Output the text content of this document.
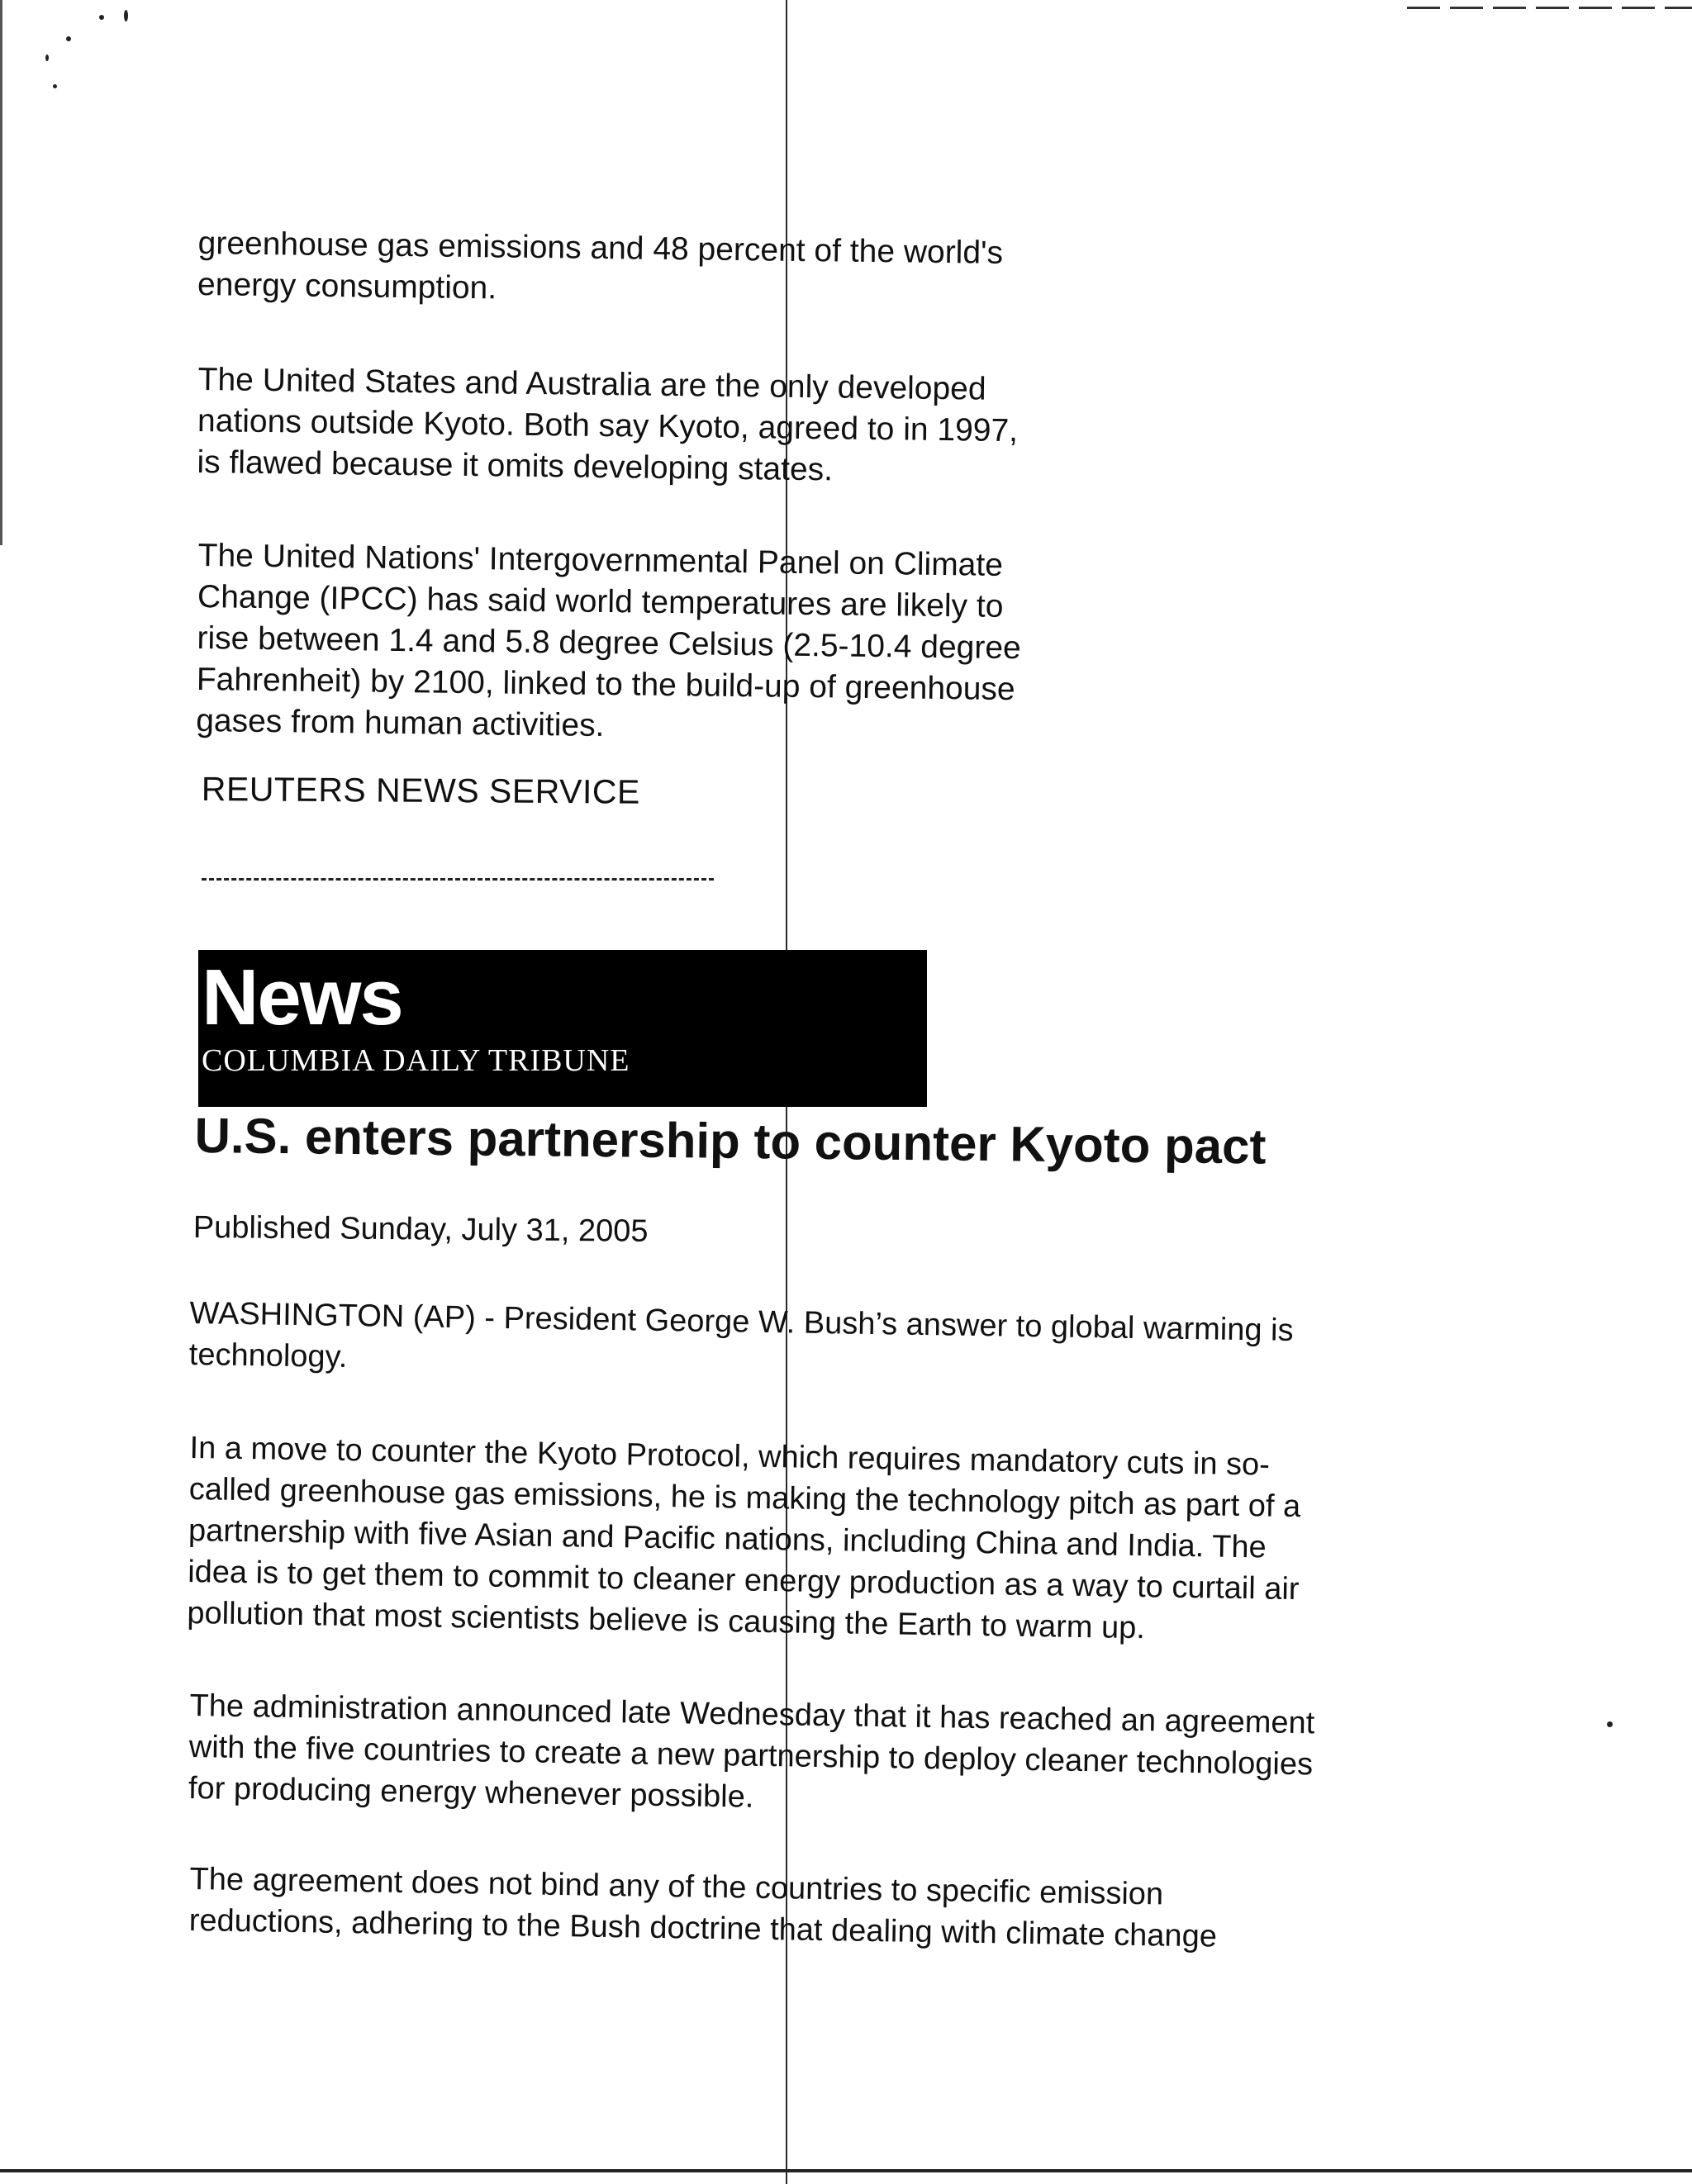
greenhouse gas emissions and 48 percent of the world's
energy consumption.

The United States and Australia are the only developed
nations outside Kyoto. Both say Kyoto, agreed to in 1997,
is flawed because it omits developing states.

The United Nations' Intergovernmental Panel on Climate
Change (IPCC) has said world temperatures are likely to
rise between 1.4 and 5.8 degree Celsius (2.5-10.4 degree
Fahrenheit) by 2100, linked to the build-up of greenhouse
gases from human activities.

REUTERS NEWS SERVICE
News
COLUMBIA DAILY TRIBUNE
U.S. enters partnership to counter Kyoto pact
Published Sunday, July 31, 2005

WASHINGTON (AP) - President George W. Bush’s answer to global warming is
technology.

In a move to counter the Kyoto Protocol, which requires mandatory cuts in so-
called greenhouse gas emissions, he is making the technology pitch as part of a
partnership with five Asian and Pacific nations, including China and India. The
idea is to get them to commit to cleaner energy production as a way to curtail air
pollution that most scientists believe is causing the Earth to warm up.

The administration announced late Wednesday that it has reached an agreement
with the five countries to create a new partnership to deploy cleaner technologies
for producing energy whenever possible.

The agreement does not bind any of the countries to specific emission
reductions, adhering to the Bush doctrine that dealing with climate change
